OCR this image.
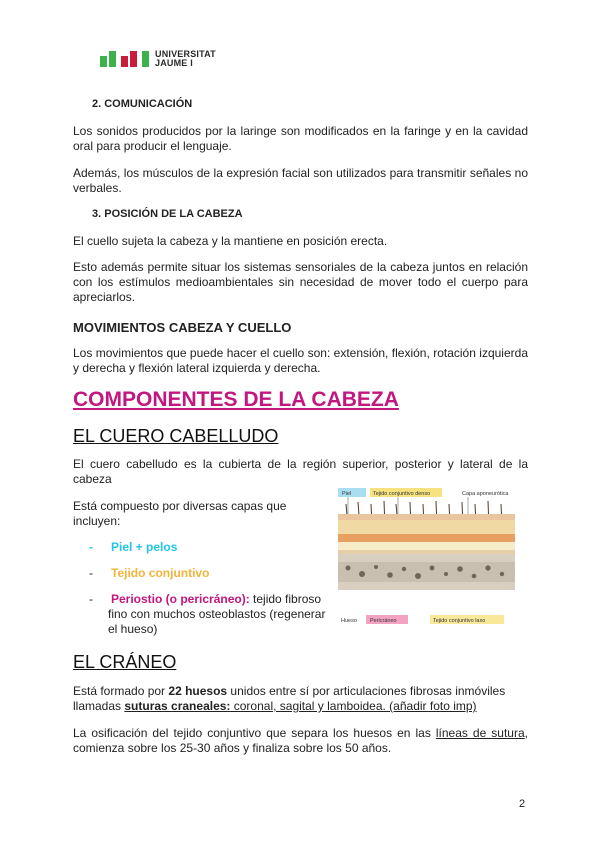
UNIVERSITAT
JAUME I

2. COMUNICACIÓN

Los sonidos producidos por la laringe son modificados en la faringe y en la cavidad oral para producir el lenguaje.

Además, los músculos de la expresión facial son utilizados para transmitir señales no verbales.

3. POSICIÓN DE LA CABEZA

El cuello sujeta la cabeza y la mantiene en posición erecta.

Esto además permite situar los sistemas sensoriales de la cabeza juntos en relación con los estímulos medioambientales sin necesidad de mover todo el cuerpo para apreciarlos.

MOVIMIENTOS CABEZA Y CUELLO

Los movimientos que puede hacer el cuello son: extensión, flexión, rotación izquierda y derecha y flexión lateral izquierda y derecha.

COMPONENTES DE LA CABEZA

EL CUERO CABELLUDO

El cuero cabelludo es la cubierta de la región superior, posterior y lateral de la cabeza

Está compuesto por diversas capas que
incluyen:

- Piel + pelos

- Tejido conjuntivo

- Periostio (o pericráneo): tejido fibroso
fino con muchos osteoblastos (regenerar
el hueso)

Piel	Tejido conjuntivo denso	Capa aponeurótica
Hueso Pericráneo	Tejido conjuntivo laxo

EL CRÁNEO

Está formado por 22 huesos unidos entre sí por articulaciones fibrosas inmóviles
llamadas suturas craneales: coronal, sagital y lamboidea. (añadir foto imp)

La osificación del tejido conjuntivo que separa los huesos en las líneas de sutura, comienza sobre los 25-30 años y finaliza sobre los 50 años.

2
